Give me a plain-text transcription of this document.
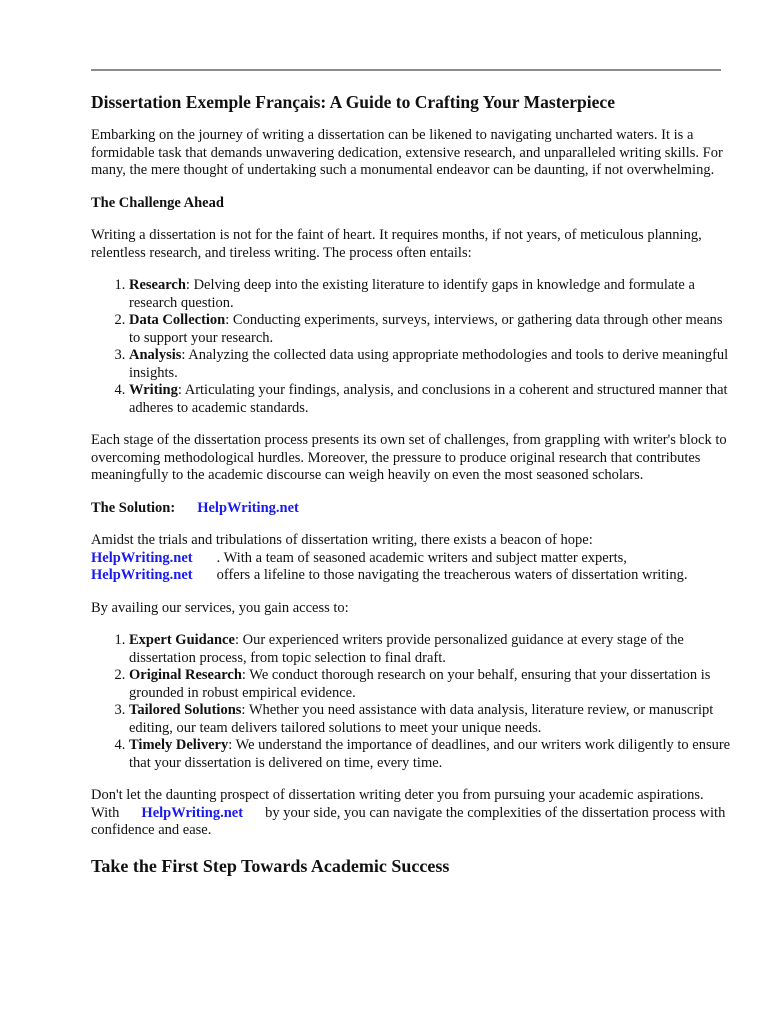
Dissertation Exemple Français: A Guide to Crafting Your Masterpiece

Embarking on the journey of writing a dissertation can be likened to navigating uncharted waters. It is a formidable task that demands unwavering dedication, extensive research, and unparalleled writing skills. For many, the mere thought of undertaking such a monumental endeavor can be daunting, if not overwhelming.

The Challenge Ahead

Writing a dissertation is not for the faint of heart. It requires months, if not years, of meticulous planning, relentless research, and tireless writing. The process often entails:

1. Research: Delving deep into the existing literature to identify gaps in knowledge and formulate a research question.
2. Data Collection: Conducting experiments, surveys, interviews, or gathering data through other means to support your research.
3. Analysis: Analyzing the collected data using appropriate methodologies and tools to derive meaningful insights.
4. Writing: Articulating your findings, analysis, and conclusions in a coherent and structured manner that adheres to academic standards.

Each stage of the dissertation process presents its own set of challenges, from grappling with writer's block to overcoming methodological hurdles. Moreover, the pressure to produce original research that contributes meaningfully to the academic discourse can weigh heavily on even the most seasoned scholars.

The Solution: HelpWriting.net

Amidst the trials and tribulations of dissertation writing, there exists a beacon of hope:
HelpWriting.net . With a team of seasoned academic writers and subject matter experts,
HelpWriting.net offers a lifeline to those navigating the treacherous waters of dissertation writing.

By availing our services, you gain access to:

1. Expert Guidance: Our experienced writers provide personalized guidance at every stage of the dissertation process, from topic selection to final draft.
2. Original Research: We conduct thorough research on your behalf, ensuring that your dissertation is grounded in robust empirical evidence.
3. Tailored Solutions: Whether you need assistance with data analysis, literature review, or manuscript editing, our team delivers tailored solutions to meet your unique needs.
4. Timely Delivery: We understand the importance of deadlines, and our writers work diligently to ensure that your dissertation is delivered on time, every time.

Don't let the daunting prospect of dissertation writing deter you from pursuing your academic aspirations. With HelpWriting.net by your side, you can navigate the complexities of the dissertation process with confidence and ease.

Take the First Step Towards Academic Success
